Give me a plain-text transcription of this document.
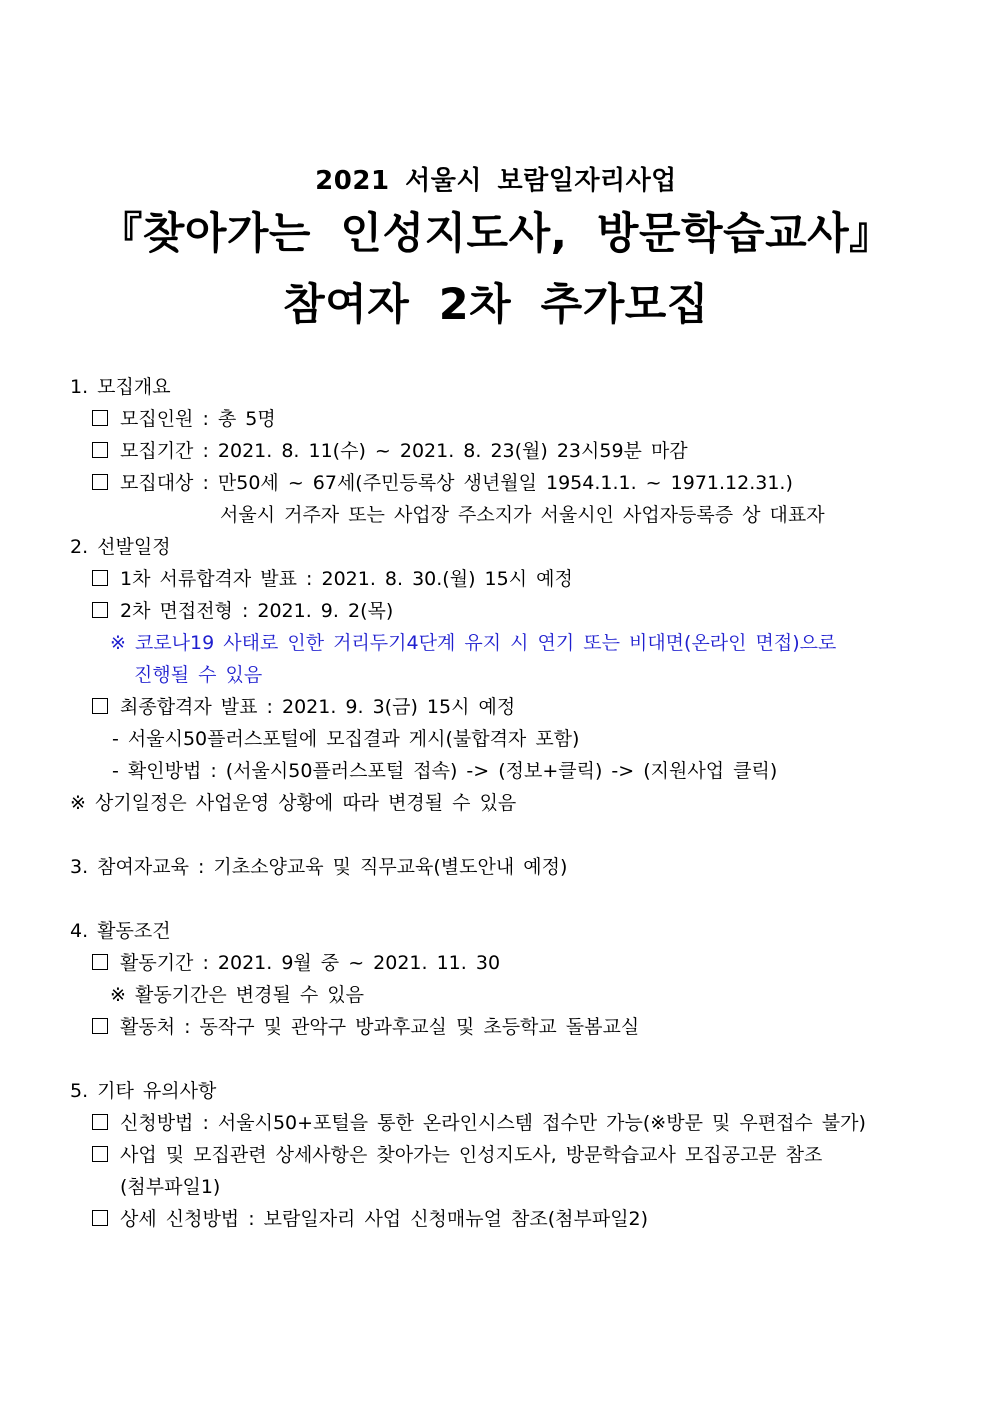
2021 서울시 보람일자리사업
『찾아가는 인성지도사, 방문학습교사』
참여자 2차 추가모집
1. 모집개요
모집인원 : 총 5명
모집기간 : 2021. 8. 11(수) ~ 2021. 8. 23(월) 23시59분 마감
모집대상 : 만50세 ~ 67세(주민등록상 생년월일 1954.1.1. ~ 1971.12.31.)
서울시 거주자 또는 사업장 주소지가 서울시인 사업자등록증 상 대표자
2. 선발일정
1차 서류합격자 발표 : 2021. 8. 30.(월) 15시 예정
2차 면접전형 : 2021. 9. 2(목)
※ 코로나19 사태로 인한 거리두기4단계 유지 시 연기 또는 비대면(온라인 면접)으로
진행될 수 있음
최종합격자 발표 : 2021. 9. 3(금) 15시 예정
- 서울시50플러스포털에 모집결과 게시(불합격자 포함)
- 확인방법 : (서울시50플러스포털 접속) -> (정보+클릭) -> (지원사업 클릭)
※ 상기일정은 사업운영 상황에 따라 변경될 수 있음
3. 참여자교육 : 기초소양교육 및 직무교육(별도안내 예정)
4. 활동조건
활동기간 : 2021. 9월 중 ~ 2021. 11. 30
※ 활동기간은 변경될 수 있음
활동처 : 동작구 및 관악구 방과후교실 및 초등학교 돌봄교실
5. 기타 유의사항
신청방법 : 서울시50+포털을 통한 온라인시스템 접수만 가능(※방문 및 우편접수 불가)
사업 및 모집관련 상세사항은 찾아가는 인성지도사, 방문학습교사 모집공고문 참조
(첨부파일1)
상세 신청방법 : 보람일자리 사업 신청매뉴얼 참조(첨부파일2)
